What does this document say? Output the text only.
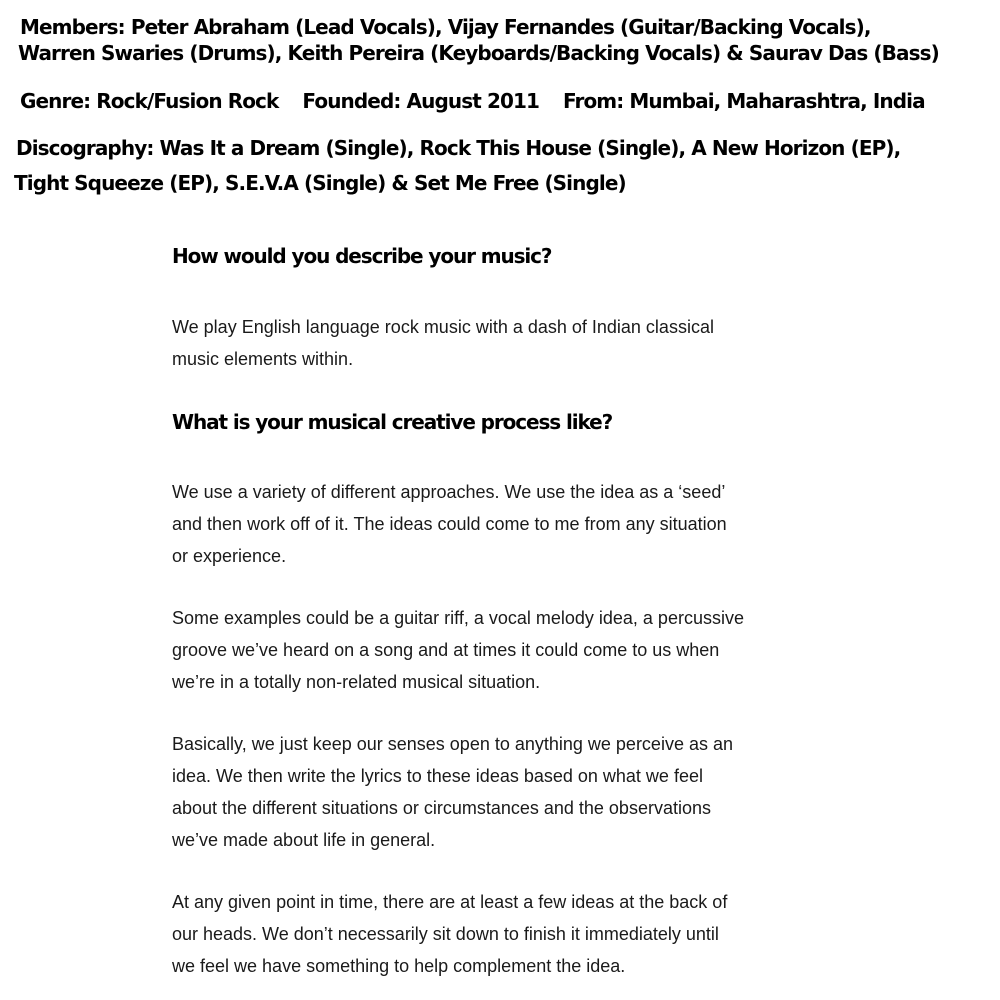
Members: Peter Abraham (Lead Vocals), Vijay Fernandes (Guitar/Backing Vocals),
Warren Swaries (Drums), Keith Pereira (Keyboards/Backing Vocals) & Saurav Das (Bass)
Genre: Rock/Fusion Rock Founded: August 2011 From: Mumbai, Maharashtra, India
Discography: Was It a Dream (Single), Rock This House (Single), A New Horizon (EP),
Tight Squeeze (EP), S.E.V.A (Single) & Set Me Free (Single)
How would you describe your music?
We play English language rock music with a dash of Indian classical
music elements within.
What is your musical creative process like?
We use a variety of different approaches. We use the idea as a ‘seed’
and then work off of it. The ideas could come to me from any situation
or experience.
Some examples could be a guitar riff, a vocal melody idea, a percussive
groove we’ve heard on a song and at times it could come to us when
we’re in a totally non-related musical situation.
Basically, we just keep our senses open to anything we perceive as an
idea. We then write the lyrics to these ideas based on what we feel
about the different situations or circumstances and the observations
we’ve made about life in general.
At any given point in time, there are at least a few ideas at the back of
our heads. We don’t necessarily sit down to finish it immediately until
we feel we have something to help complement the idea.
